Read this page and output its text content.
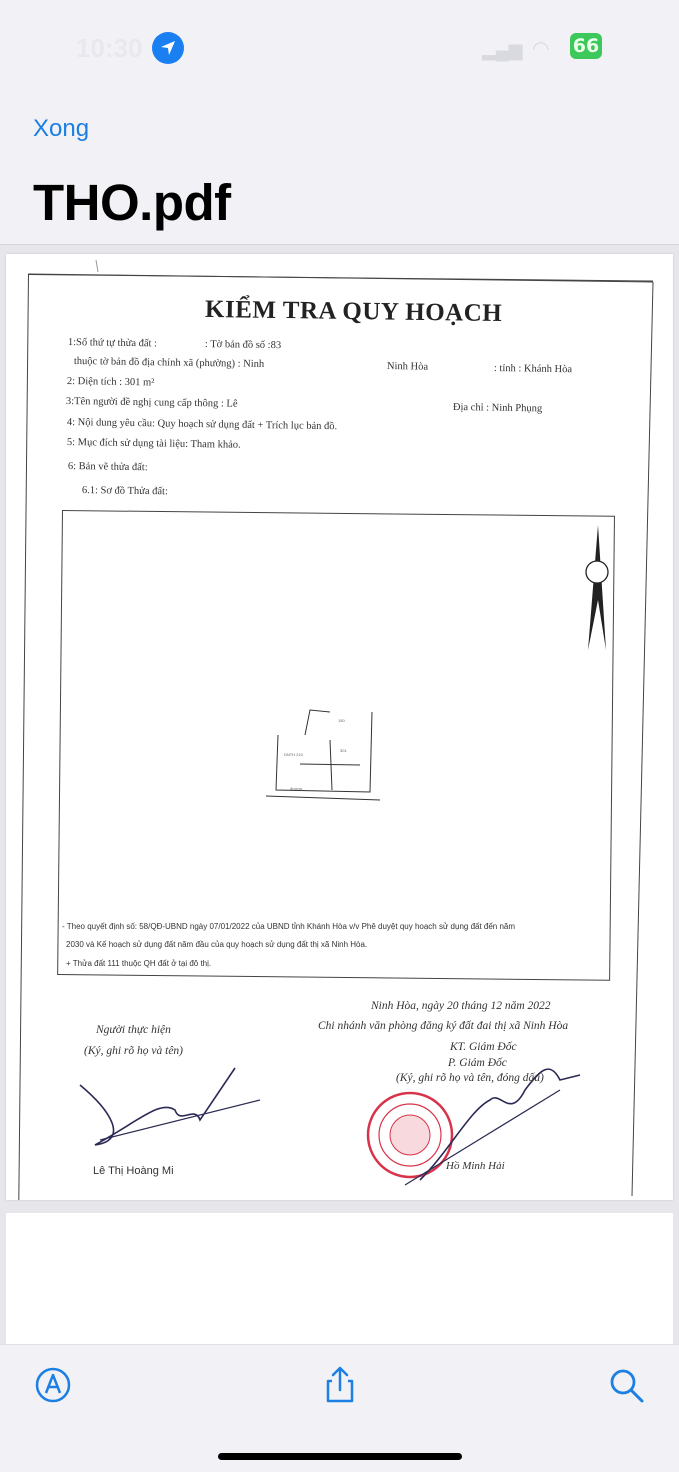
10:30	▂▄▆ ◠ 66
Xong
THO.pdf
KIỂM TRA QUY HOẠCH
1:Số thứ tự thửa đất :	: Tờ bản đồ số :83
thuộc tờ bản đồ địa chính xã (phường) : Ninh	Ninh Hòa	: tỉnh : Khánh Hòa
2: Diện tích : 301 m²
3:Tên người đề nghị cung cấp thông : Lê	Địa chỉ : Ninh Phụng
4: Nội dung yêu cầu: Quy hoạch sử dụng đất + Trích lục bản đồ.
5: Mục đích sử dụng tài liệu: Tham khảo.
6: Bản vẽ thửa đất:
6.1: Sơ đồ Thửa đất:
DNTH 210
301
150
đường
- Theo quyết định số: 58/QĐ-UBND ngày 07/01/2022 của UBND tỉnh Khánh Hòa v/v Phê duyệt quy hoạch sử dụng đất đến năm
2030 và Kế hoạch sử dụng đất năm đầu của quy hoạch sử dụng đất thị xã Ninh Hòa.
+ Thửa đất 111 thuộc QH đất ở tại đô thị.
Ninh Hòa, ngày 20 tháng 12 năm 2022
Chi nhánh văn phòng đăng ký đất đai thị xã Ninh Hòa
KT. Giám Đốc
P. Giám Đốc
(Ký, ghi rõ họ và tên, đóng dấu)
Người thực hiện
(Ký, ghi rõ họ và tên)
Lê Thị Hoàng Mi	Hồ Minh Hải
